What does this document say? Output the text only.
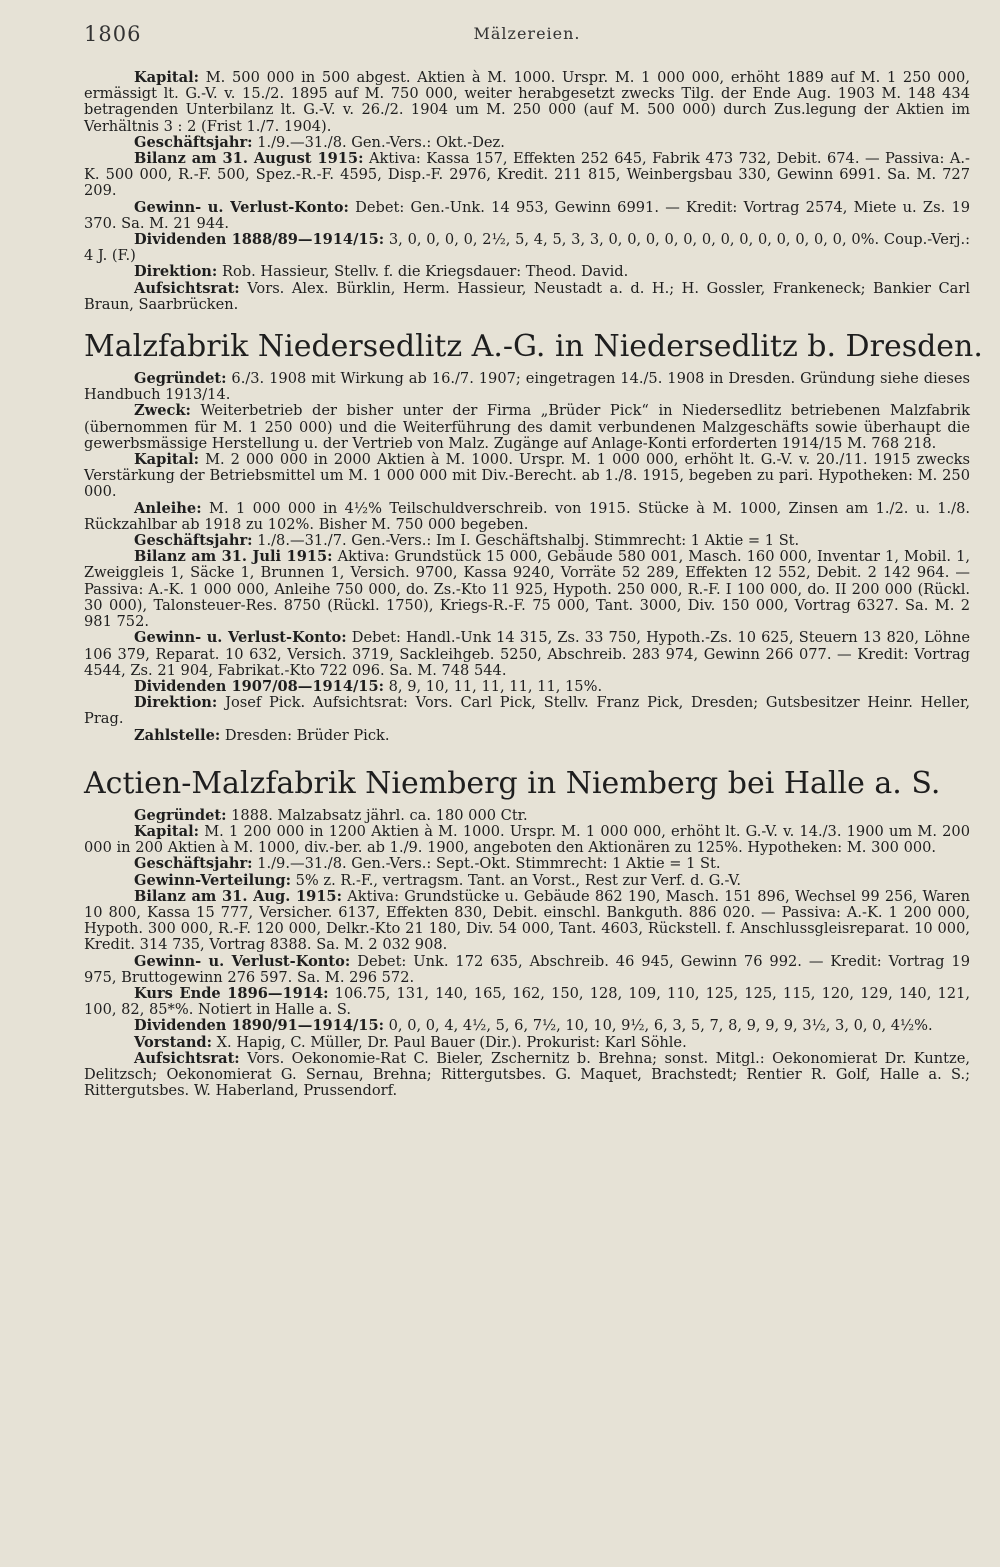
1806	Mälzereien.

Kapital: M. 500 000 in 500 abgest. Aktien à M. 1000. Urspr. M. 1 000 000, erhöht 1889 auf M. 1 250 000, ermässigt lt. G.-V. v. 15./2. 1895 auf M. 750 000, weiter herabgesetzt zwecks Tilg. der Ende Aug. 1903 M. 148 434 betragenden Unterbilanz lt. G.-V. v. 26./2. 1904 um M. 250 000 (auf M. 500 000) durch Zus.legung der Aktien im Verhältnis 3 : 2 (Frist 1./7. 1904).

Geschäftsjahr: 1./9.—31./8. Gen.-Vers.: Okt.-Dez.

Bilanz am 31. August 1915: Aktiva: Kassa 157, Effekten 252 645, Fabrik 473 732, Debit. 674. — Passiva: A.-K. 500 000, R.-F. 500, Spez.-R.-F. 4595, Disp.-F. 2976, Kredit. 211 815, Weinbergsbau 330, Gewinn 6991. Sa. M. 727 209.

Gewinn- u. Verlust-Konto: Debet: Gen.-Unk. 14 953, Gewinn 6991. — Kredit: Vortrag 2574, Miete u. Zs. 19 370. Sa. M. 21 944.

Dividenden 1888/89—1914/15: 3, 0, 0, 0, 0, 2½, 5, 4, 5, 3, 3, 0, 0, 0, 0, 0, 0, 0, 0, 0, 0, 0, 0, 0, 0%. Coup.-Verj.: 4 J. (F.)

Direktion: Rob. Hassieur, Stellv. f. die Kriegsdauer: Theod. David.

Aufsichtsrat: Vors. Alex. Bürklin, Herm. Hassieur, Neustadt a. d. H.; H. Gossler, Frankeneck; Bankier Carl Braun, Saarbrücken.

Malzfabrik Niedersedlitz A.-G. in Niedersedlitz b. Dresden.

Gegründet: 6./3. 1908 mit Wirkung ab 16./7. 1907; eingetragen 14./5. 1908 in Dresden. Gründung siehe dieses Handbuch 1913/14.

Zweck: Weiterbetrieb der bisher unter der Firma „Brüder Pick“ in Niedersedlitz betriebenen Malzfabrik (übernommen für M. 1 250 000) und die Weiterführung des damit verbundenen Malzgeschäfts sowie überhaupt die gewerbsmässige Herstellung u. der Vertrieb von Malz. Zugänge auf Anlage-Konti erforderten 1914/15 M. 768 218.

Kapital: M. 2 000 000 in 2000 Aktien à M. 1000. Urspr. M. 1 000 000, erhöht lt. G.-V. v. 20./11. 1915 zwecks Verstärkung der Betriebsmittel um M. 1 000 000 mit Div.-Berecht. ab 1./8. 1915, begeben zu pari. Hypotheken: M. 250 000.

Anleihe: M. 1 000 000 in 4½% Teilschuldverschreib. von 1915. Stücke à M. 1000, Zinsen am 1./2. u. 1./8. Rückzahlbar ab 1918 zu 102%. Bisher M. 750 000 begeben.

Geschäftsjahr: 1./8.—31./7. Gen.-Vers.: Im I. Geschäftshalbj. Stimmrecht: 1 Aktie = 1 St.

Bilanz am 31. Juli 1915: Aktiva: Grundstück 15 000, Gebäude 580 001, Masch. 160 000, Inventar 1, Mobil. 1, Zweiggleis 1, Säcke 1, Brunnen 1, Versich. 9700, Kassa 9240, Vorräte 52 289, Effekten 12 552, Debit. 2 142 964. — Passiva: A.-K. 1 000 000, Anleihe 750 000, do. Zs.-Kto 11 925, Hypoth. 250 000, R.-F. I 100 000, do. II 200 000 (Rückl. 30 000), Talonsteuer-Res. 8750 (Rückl. 1750), Kriegs-R.-F. 75 000, Tant. 3000, Div. 150 000, Vortrag 6327. Sa. M. 2 981 752.

Gewinn- u. Verlust-Konto: Debet: Handl.-Unk 14 315, Zs. 33 750, Hypoth.-Zs. 10 625, Steuern 13 820, Löhne 106 379, Reparat. 10 632, Versich. 3719, Sackleihgeb. 5250, Abschreib. 283 974, Gewinn 266 077. — Kredit: Vortrag 4544, Zs. 21 904, Fabrikat.-Kto 722 096. Sa. M. 748 544.

Dividenden 1907/08—1914/15: 8, 9, 10, 11, 11, 11, 11, 15%.

Direktion: Josef Pick. Aufsichtsrat: Vors. Carl Pick, Stellv. Franz Pick, Dresden; Gutsbesitzer Heinr. Heller, Prag.

Zahlstelle: Dresden: Brüder Pick.

Actien-Malzfabrik Niemberg in Niemberg bei Halle a. S.

Gegründet: 1888. Malzabsatz jährl. ca. 180 000 Ctr.

Kapital: M. 1 200 000 in 1200 Aktien à M. 1000. Urspr. M. 1 000 000, erhöht lt. G.-V. v. 14./3. 1900 um M. 200 000 in 200 Aktien à M. 1000, div.-ber. ab 1./9. 1900, angeboten den Aktionären zu 125%. Hypotheken: M. 300 000.

Geschäftsjahr: 1./9.—31./8. Gen.-Vers.: Sept.-Okt. Stimmrecht: 1 Aktie = 1 St.

Gewinn-Verteilung: 5% z. R.-F., vertragsm. Tant. an Vorst., Rest zur Verf. d. G.-V.

Bilanz am 31. Aug. 1915: Aktiva: Grundstücke u. Gebäude 862 190, Masch. 151 896, Wechsel 99 256, Waren 10 800, Kassa 15 777, Versicher. 6137, Effekten 830, Debit. einschl. Bankguth. 886 020. — Passiva: A.-K. 1 200 000, Hypoth. 300 000, R.-F. 120 000, Delkr.-Kto 21 180, Div. 54 000, Tant. 4603, Rückstell. f. Anschlussgleisreparat. 10 000, Kredit. 314 735, Vortrag 8388. Sa. M. 2 032 908.

Gewinn- u. Verlust-Konto: Debet: Unk. 172 635, Abschreib. 46 945, Gewinn 76 992. — Kredit: Vortrag 19 975, Bruttogewinn 276 597. Sa. M. 296 572.

Kurs Ende 1896—1914: 106.75, 131, 140, 165, 162, 150, 128, 109, 110, 125, 125, 115, 120, 129, 140, 121, 100, 82, 85*%. Notiert in Halle a. S.

Dividenden 1890/91—1914/15: 0, 0, 0, 4, 4½, 5, 6, 7½, 10, 10, 9½, 6, 3, 5, 7, 8, 9, 9, 9, 3½, 3, 0, 0, 4½%.

Vorstand: X. Hapig, C. Müller, Dr. Paul Bauer (Dir.). Prokurist: Karl Söhle.

Aufsichtsrat: Vors. Oekonomie-Rat C. Bieler, Zschernitz b. Brehna; sonst. Mitgl.: Oekonomierat Dr. Kuntze, Delitzsch; Oekonomierat G. Sernau, Brehna; Rittergutsbes. G. Maquet, Brachstedt; Rentier R. Golf, Halle a. S.; Rittergutsbes. W. Haberland, Prussendorf.
